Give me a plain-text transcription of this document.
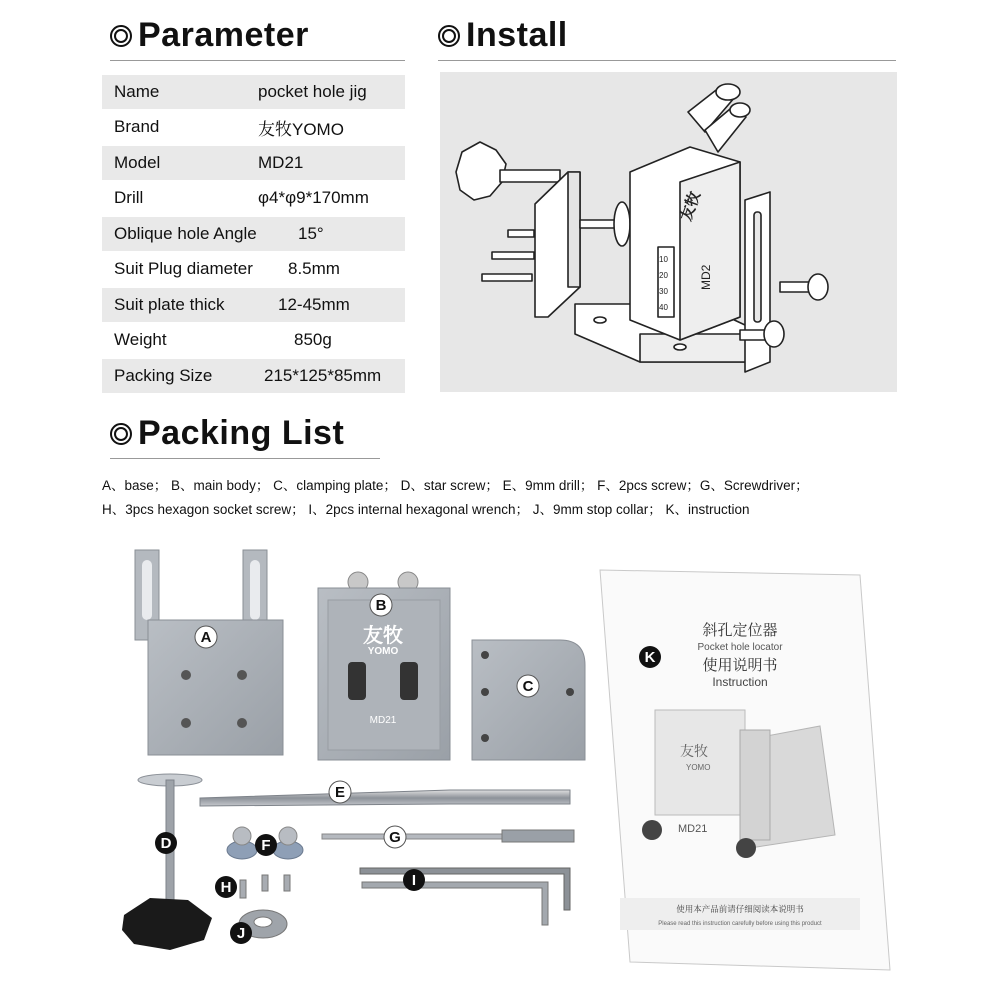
Parameter	Install
Name	pocket hole jig
Brand	友牧YOMO
Model	MD21
Drill	φ4*φ9*170mm
Oblique hole Angle	15°
Suit Plug diameter	8.5mm
Suit plate thick	12-45mm
Weight	850g
Packing Size	215*125*85mm
友牧
MD2
10
20
30
40
Packing List
A、base； B、main body； C、clamping plate； D、star screw； E、9mm drill； F、2pcs screw；G、Screwdriver；
H、3pcs hexagon socket screw； I、2pcs internal hexagonal wrench； J、9mm stop collar； K、instruction
友牧
YOMO
MD21
斜孔定位器
Pocket hole locator
使用说明书
Instruction
友牧
YOMO
MD21
使用本产品前请仔细阅读本说明书
Please read this instruction carefully before using this product
A
B
C
D
E
F	G
H	I
J
K
